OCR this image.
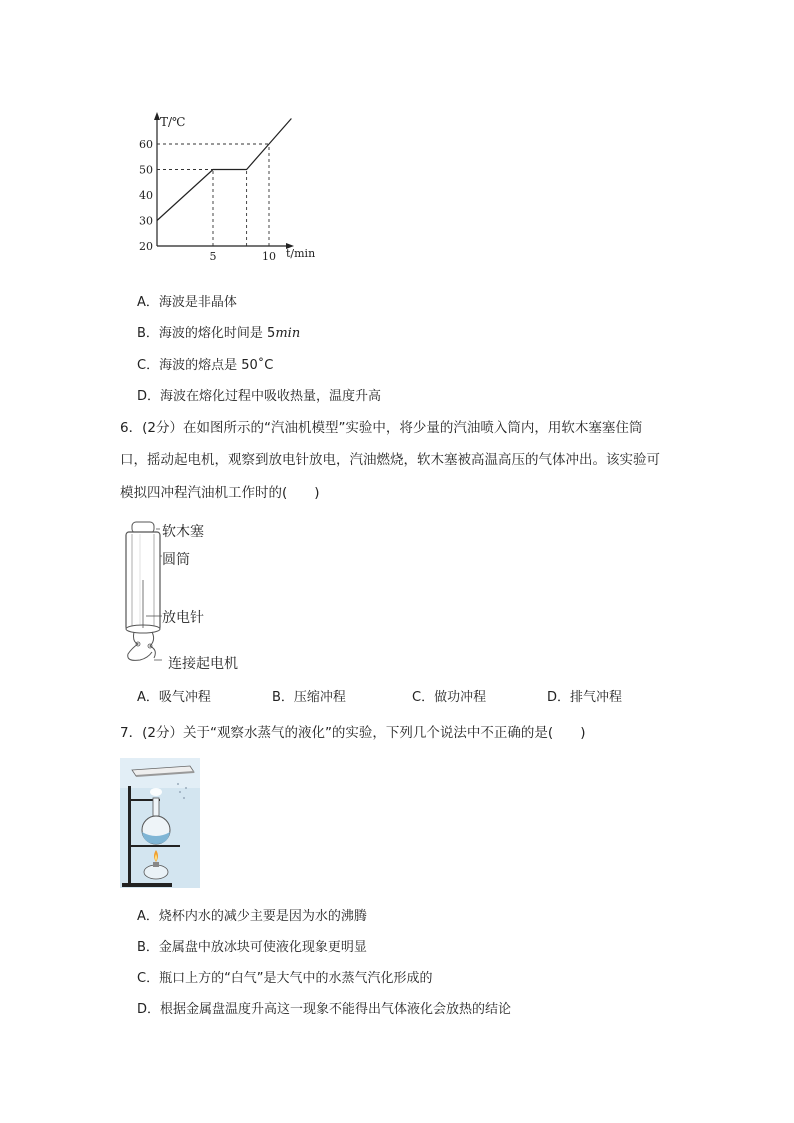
T/℃
t/min
60
50
40
30
20
5	10
A．海波是非晶体
B．海波的熔化时间是 5min
C．海波的熔点是 50˚C
D．海波在熔化过程中吸收热量，温度升高
6．(2分）在如图所示的“汽油机模型”实验中，将少量的汽油喷入筒内，用软木塞塞住筒
口，摇动起电机，观察到放电针放电，汽油燃烧，软木塞被高温高压的气体冲出。该实验可
模拟四冲程汽油机工作时的(　　)
软木塞
圆筒
放电针
连接起电机
A．吸气冲程	B．压缩冲程	C．做功冲程	D．排气冲程
7．(2分）关于“观察水蒸气的液化”的实验，下列几个说法中不正确的是(　　)
A．烧杯内水的减少主要是因为水的沸腾
B．金属盘中放冰块可使液化现象更明显
C．瓶口上方的“白气”是大气中的水蒸气汽化形成的
D．根据金属盘温度升高这一现象不能得出气体液化会放热的结论
